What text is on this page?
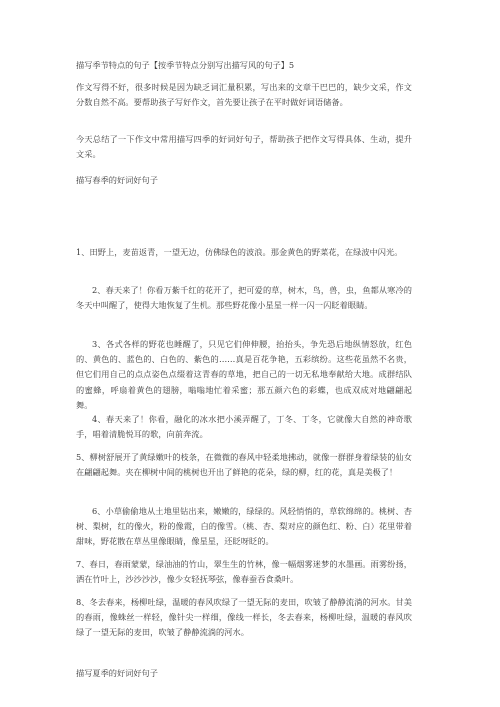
描写季节特点的句子【按季节特点分别写出描写风的句子】5
作文写得不好，很多时候是因为缺乏词汇量积累，写出来的文章干巴巴的，缺少文采，作文分数自然不高。要帮助孩子写好作文，首先要让孩子在平时做好词语储备。
今天总结了一下作文中常用描写四季的好词好句子，帮助孩子把作文写得具体、生动，提升文采。
描写春季的好词好句子
1、田野上，麦苗返青，一望无边，仿佛绿色的波浪。那金黄色的野菜花，在绿波中闪光。
2、春天来了！你看万紫千红的花开了，把可爱的草，树木，鸟，兽，虫，鱼都从寒冷的冬天中叫醒了，使得大地恢复了生机。那些野花像小星星一样一闪一闪眨着眼睛。
3、各式各样的野花也睡醒了，只见它们伸伸腰，抬抬头，争先恐后地纵情怒放，红色的、黄色的、蓝色的、白色的、紫色的……真是百花争艳，五彩缤纷。这些花虽然不名贵，但它们用自己的点点姿色点缀着这青春的草地，把自己的一切无私地奉献给大地。成群结队的蜜蜂，呼扇着黄色的翅膀，嗡嗡地忙着采蜜；那五颜六色的彩蝶，也成双成对地翩翩起舞。
4、春天来了！你看，融化的冰水把小溪弄醒了，丁冬、丁冬，它就像大自然的神奇歌手，唱着清脆悦耳的歌，向前奔流。
5、柳树舒展开了黄绿嫩叶的枝条，在微微的春风中轻柔地拂动，就像一群群身着绿装的仙女在翩翩起舞。夹在柳树中间的桃树也开出了鲜艳的花朵，绿的柳，红的花，真是美极了！
6、小草偷偷地从土地里钻出来，嫩嫩的，绿绿的。风轻悄悄的，草软绵绵的。桃树、杏树、梨树，红的像火，粉的像霞，白的像雪。（桃、杏、梨对应的颜色红、粉、白）花里带着甜味，野花散在草丛里像眼睛，像星星，还眨呀眨的。
7、春日，春雨蒙蒙，绿油油的竹山，翠生生的竹林，像一幅烟雾迷梦的水墨画。雨雾纷扬，洒在竹叶上，沙沙沙沙，像少女轻抚琴弦，像春蚕吞食桑叶。
8、冬去春来，杨柳吐绿，温暖的春风吹绿了一望无际的麦田，吹皱了静静流淌的河水。甘美的春雨，像蛛丝一样轻，像针尖一样细，像线一样长，冬去春来，杨柳吐绿，温暖的春风吹绿了一望无际的麦田，吹皱了静静流淌的河水。
描写夏季的好词好句子
